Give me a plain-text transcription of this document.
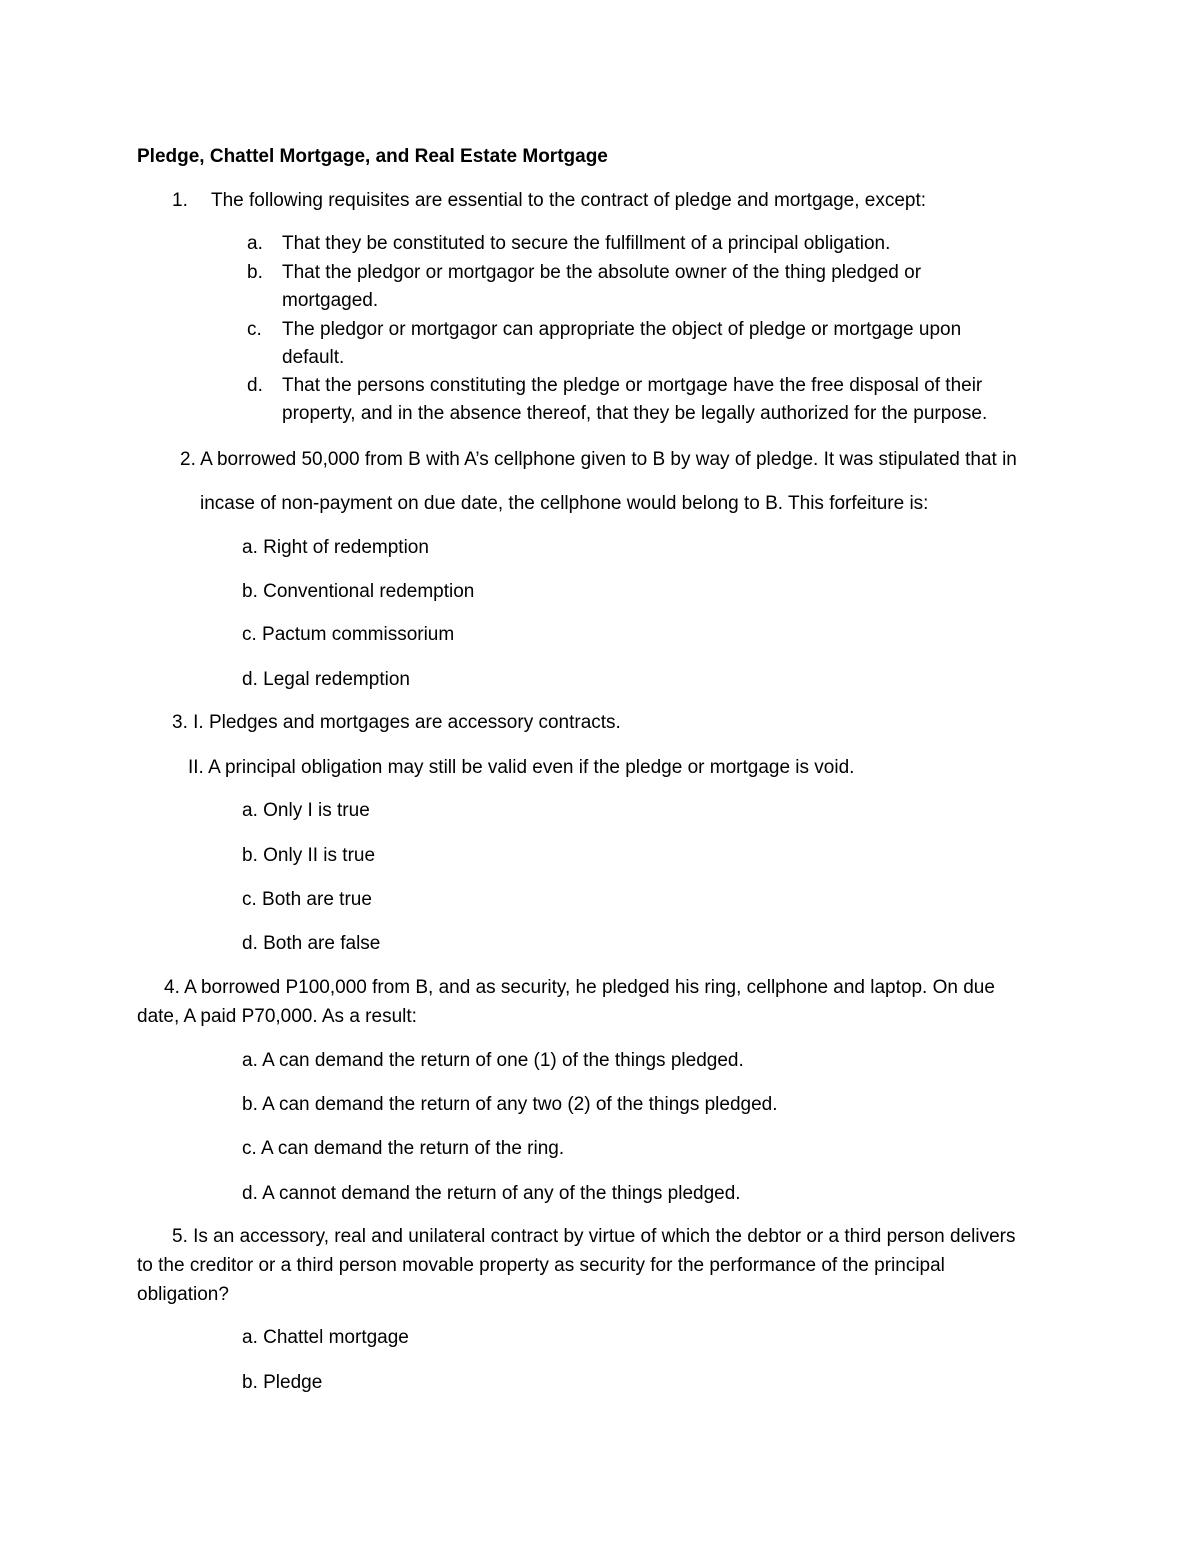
Pledge, Chattel Mortgage, and Real Estate Mortgage
1. The following requisites are essential to the contract of pledge and mortgage, except:
a. That they be constituted to secure the fulfillment of a principal obligation.
b. That the pledgor or mortgagor be the absolute owner of the thing pledged or
mortgaged.
c. The pledgor or mortgagor can appropriate the object of pledge or mortgage upon
default.
d. That the persons constituting the pledge or mortgage have the free disposal of their
property, and in the absence thereof, that they be legally authorized for the purpose.
2. A borrowed 50,000 from B with A’s cellphone given to B by way of pledge. It was stipulated that in
incase of non-payment on due date, the cellphone would belong to B. This forfeiture is:
a. Right of redemption
b. Conventional redemption
c. Pactum commissorium
d. Legal redemption
3. I. Pledges and mortgages are accessory contracts.
II. A principal obligation may still be valid even if the pledge or mortgage is void.
a. Only I is true
b. Only II is true
c. Both are true
d. Both are false
4. A borrowed P100,000 from B, and as security, he pledged his ring, cellphone and laptop. On due
date, A paid P70,000. As a result:
a. A can demand the return of one (1) of the things pledged.
b. A can demand the return of any two (2) of the things pledged.
c. A can demand the return of the ring.
d. A cannot demand the return of any of the things pledged.
5. Is an accessory, real and unilateral contract by virtue of which the debtor or a third person delivers
to the creditor or a third person movable property as security for the performance of the principal
obligation?
a. Chattel mortgage
b. Pledge
